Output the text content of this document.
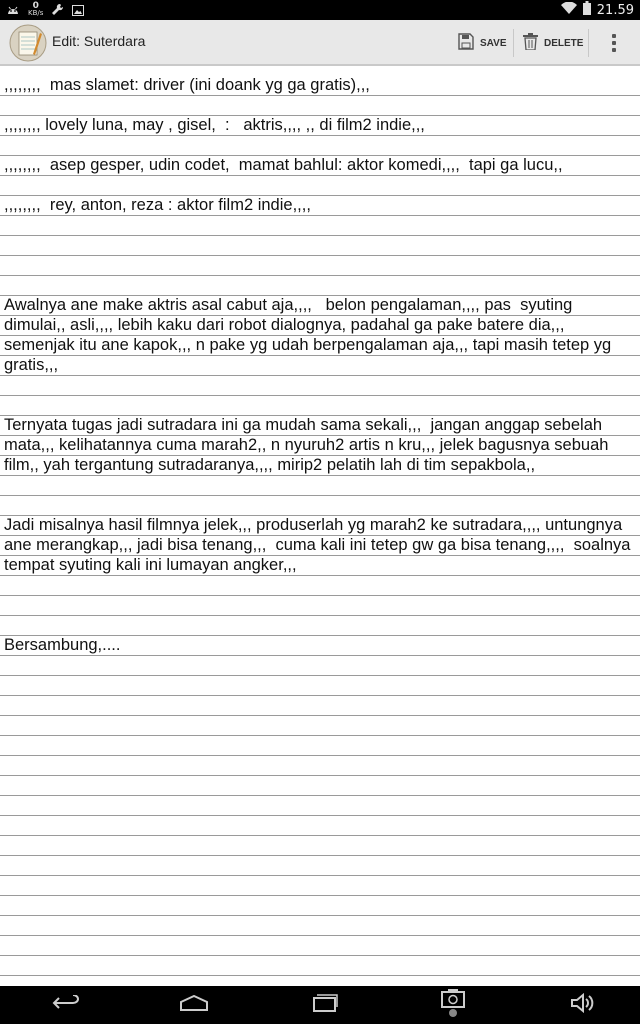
0
KB/s	21.59
Edit: Suterdara	SAVE	DELETE
,,,,,,,,  mas slamet: driver (ini doank yg ga gratis),,,

,,,,,,,, lovely luna, may , gisel,  :   aktris,,,, ,, di film2 indie,,,

,,,,,,,,  asep gesper, udin codet,  mamat bahlul: aktor komedi,,,,  tapi ga lucu,,

,,,,,,,,  rey, anton, reza : aktor film2 indie,,,,

Awalnya ane make aktris asal cabut aja,,,,   belon pengalaman,,,, pas  syuting dimulai,, asli,,,, lebih kaku dari robot dialognya, padahal ga pake batere dia,,, semenjak itu ane kapok,,, n pake yg udah berpengalaman aja,,, tapi masih tetep yg gratis,,,

Ternyata tugas jadi sutradara ini ga mudah sama sekali,,,  jangan anggap sebelah mata,,, kelihatannya cuma marah2,, n nyuruh2 artis n kru,,, jelek bagusnya sebuah film,, yah tergantung sutradaranya,,,, mirip2 pelatih lah di tim sepakbola,,

Jadi misalnya hasil filmnya jelek,,, produserlah yg marah2 ke sutradara,,,, untungnya ane merangkap,,, jadi bisa tenang,,,  cuma kali ini tetep gw ga bisa tenang,,,,  soalnya tempat syuting kali ini lumayan angker,,,

Bersambung,....
